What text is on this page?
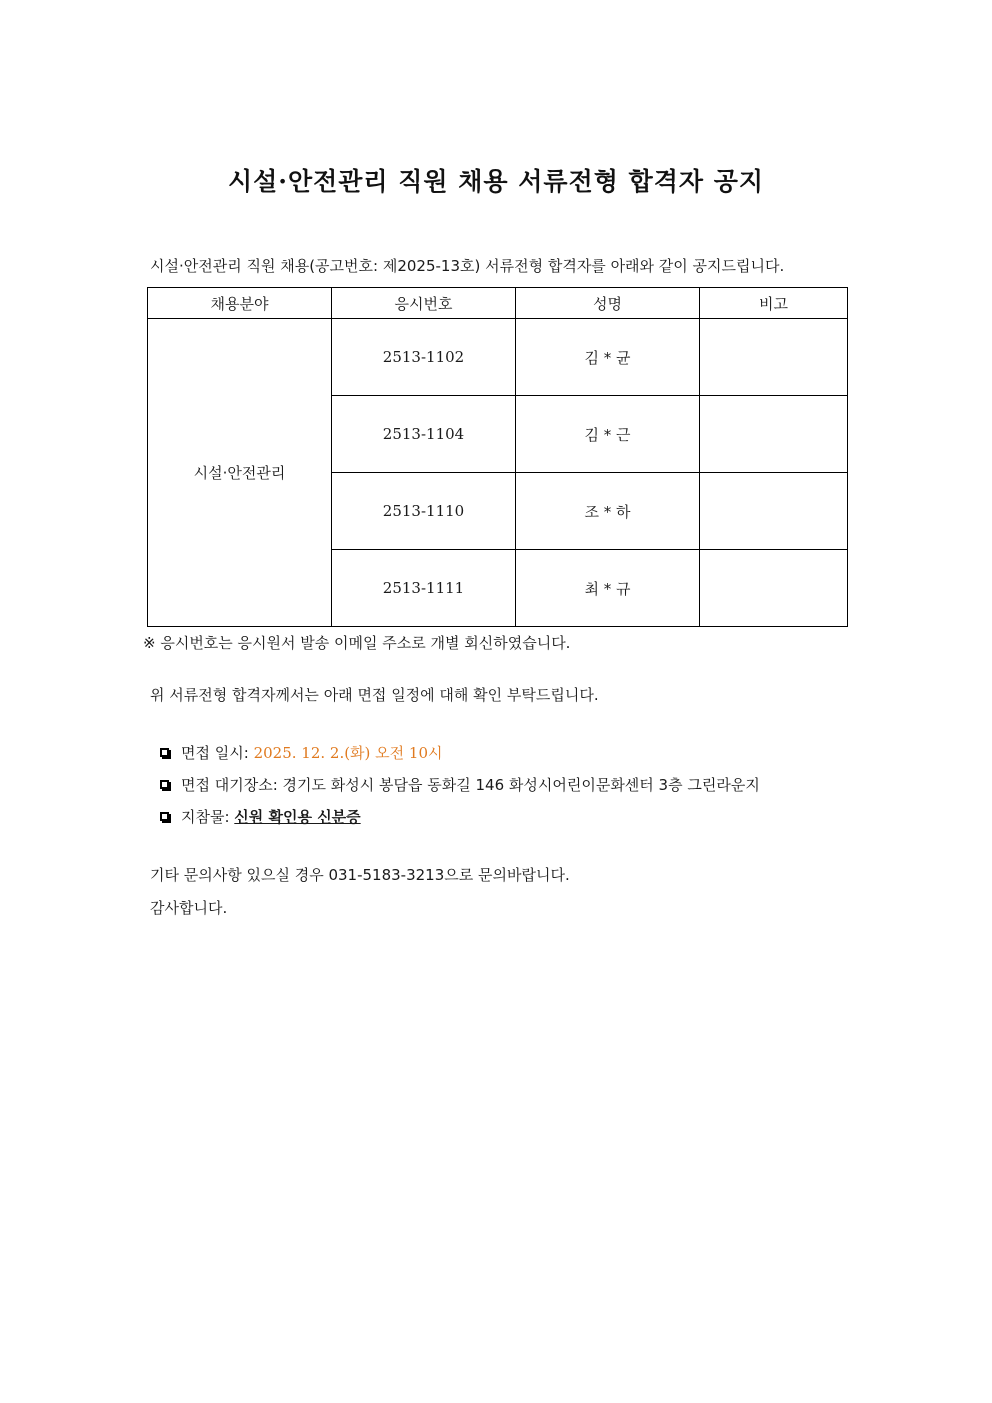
시설·안전관리 직원 채용 서류전형 합격자 공지
시설·안전관리 직원 채용(공고번호: 제2025-13호) 서류전형 합격자를 아래와 같이 공지드립니다.
채용분야	응시번호	성명	비고
시설·안전관리	2513-1102	김 * 균	
	2513-1104	김 * 근	
	2513-1110	조 * 하	
	2513-1111	최 * 규	
※ 응시번호는 응시원서 발송 이메일 주소로 개별 회신하였습니다.
위 서류전형 합격자께서는 아래 면접 일정에 대해 확인 부탁드립니다.
면접 일시: 2025. 12. 2.(화) 오전 10시
면접 대기장소: 경기도 화성시 봉담읍 동화길 146 화성시어린이문화센터 3층 그린라운지
지참물: 신원 확인용 신분증
기타 문의사항 있으실 경우 031-5183-3213으로 문의바랍니다.
감사합니다.
